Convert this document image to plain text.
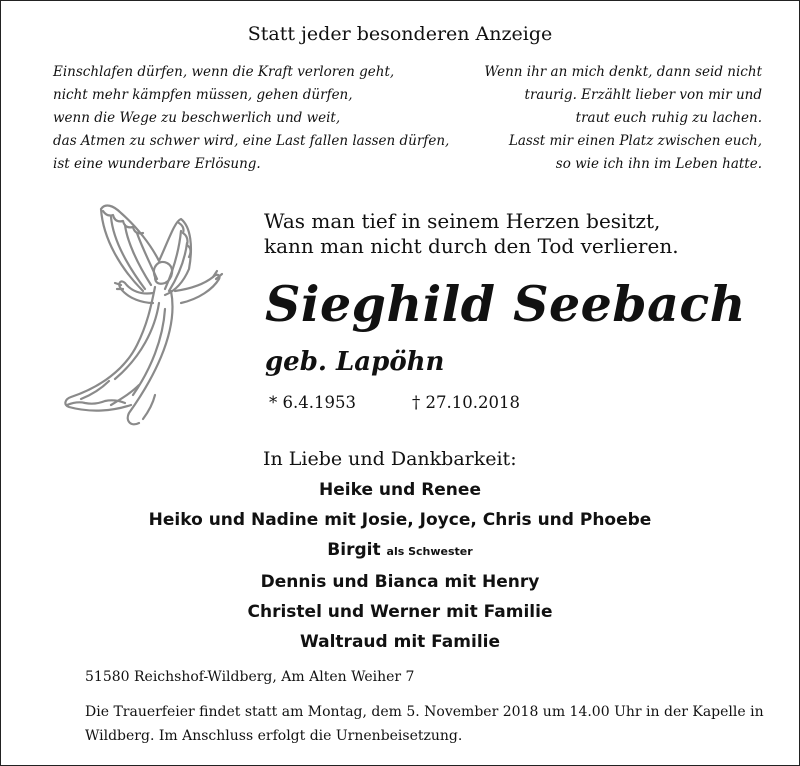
Statt jeder besonderen Anzeige
Einschlafen dürfen, wenn die Kraft verloren geht,
nicht mehr kämpfen müssen, gehen dürfen,
wenn die Wege zu beschwerlich und weit,
das Atmen zu schwer wird, eine Last fallen lassen dürfen,
ist eine wunderbare Erlösung.
Wenn ihr an mich denkt, dann seid nicht
traurig. Erzählt lieber von mir und
traut euch ruhig zu lachen.
Lasst mir einen Platz zwischen euch,
so wie ich ihn im Leben hatte.
Was man tief in seinem Herzen besitzt,
kann man nicht durch den Tod verlieren.
Sieghild Seebach
geb. Lapöhn
* 6.4.1953	† 27.10.2018
In Liebe und Dankbarkeit:
Heike und Renee
Heiko und Nadine mit Josie, Joyce, Chris und Phoebe
Birgit als Schwester
Dennis und Bianca mit Henry
Christel und Werner mit Familie
Waltraud mit Familie
51580 Reichshof-Wildberg, Am Alten Weiher 7
Die Trauerfeier findet statt am Montag, dem 5. November 2018 um 14.00 Uhr in der Kapelle in Wildberg. Im Anschluss erfolgt die Urnenbeisetzung.
